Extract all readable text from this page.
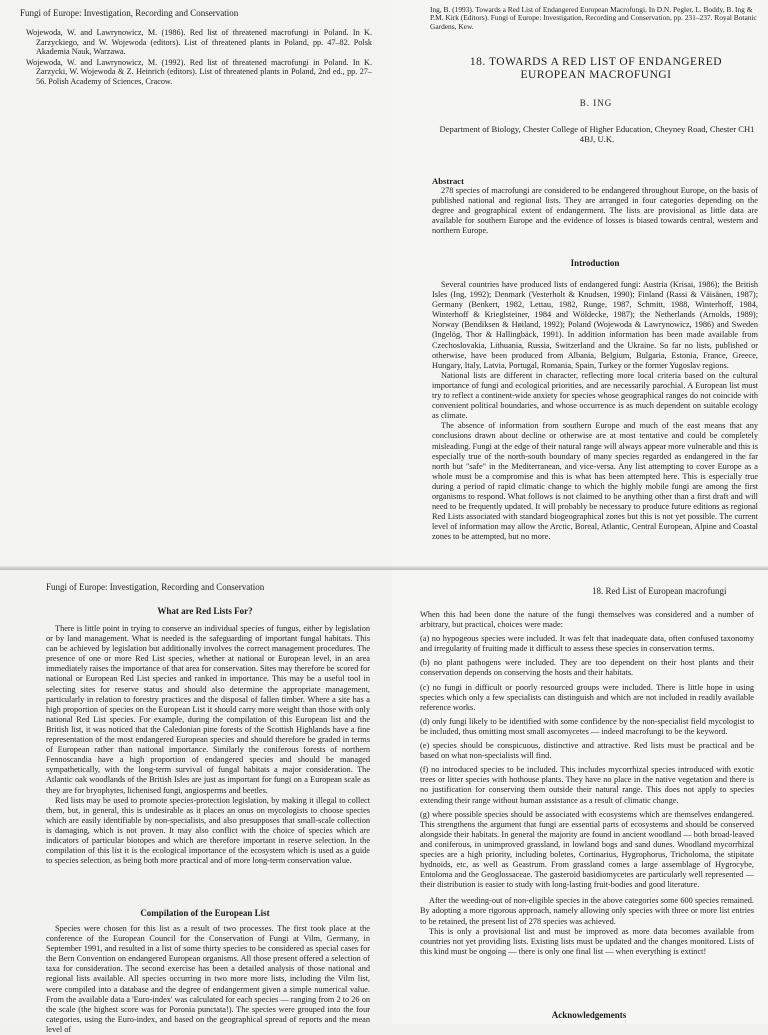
Fungi of Europe: Investigation, Recording and Conservation

Wojewoda, W. and Lawrynowicz, M. (1986). Red list of threatened macrofungi in Poland. In K. Zarzyckiego, and W. Wojewoda (editors). List of threatened plants in Poland, pp. 47–82. Polsk Akademia Nauk, Warzawa.

Wojewoda, W. and Lawrynowicz, M. (1992). Red list of threatened macrofungi in Poland. In K. Zarzycki, W. Wojewoda & Z. Heinrich (editors). List of threatened plants in Poland, 2nd ed., pp. 27–56. Polish Academy of Sciences, Cracow.

Ing, B. (1993). Towards a Red List of Endangered European Macrofungi. In D.N. Pegler, L. Boddy, B. Ing & P.M. Kirk (Editors). Fungi of Europe: Investigation, Recording and Conservation, pp. 231–237. Royal Botanic Gardens, Kew.
18. TOWARDS A RED LIST OF ENDANGERED EUROPEAN MACROFUNGI
B. ING
Department of Biology, Chester College of Higher Education, Cheyney Road, Chester CH1 4BJ, U.K.

Abstract

278 species of macrofungi are considered to be endangered throughout Europe, on the basis of published national and regional lists. They are arranged in four categories depending on the degree and geographical extent of endangerment. The lists are provisional as little data are available for southern Europe and the evidence of losses is biased towards central, western and northern Europe.

Introduction

Several countries have produced lists of endangered fungi: Austria (Krisai, 1986); the British Isles (Ing, 1992); Denmark (Vesterholt & Knudsen, 1990); Finland (Rassi & Väisänen, 1987); Germany (Benkert, 1982, Lettau, 1982, Runge, 1987, Schmitt, 1988, Winterhoff, 1984, Winterhoff & Krieglsteiner, 1984 and Wöldecke, 1987); the Netherlands (Arnolds, 1989); Norway (Bendiksen & Høiland, 1992); Poland (Wojewoda & Lawrynowicz, 1986) and Sweden (Ingelög, Thor & Hallingbäck, 1991). In addition information has been made available from Czechoslovakia, Lithuania, Russia, Switzerland and the Ukraine. So far no lists, published or otherwise, have been produced from Albania, Belgium, Bulgaria, Estonia, France, Greece, Hungary, Italy, Latvia, Portugal, Romania, Spain, Turkey or the former Yugoslav regions.

National lists are different in character, reflecting more local criteria based on the cultural importance of fungi and ecological priorities, and are necessarily parochial. A European list must try to reflect a continent-wide anxiety for species whose geographical ranges do not coincide with convenient political boundaries, and whose occurrence is as much dependent on suitable ecology as climate.

The absence of information from southern Europe and much of the east means that any conclusions drawn about decline or otherwise are at most tentative and could be completely misleading. Fungi at the edge of their natural range will always appear more vulnerable and this is especially true of the north-south boundary of many species regarded as endangered in the far north but "safe" in the Mediterranean, and vice-versa. Any list attempting to cover Europe as a whole must be a compromise and this is what has been attempted here. This is especially true during a period of rapid climatic change to which the highly mobile fungi are among the first organisms to respond. What follows is not claimed to be anything other than a first draft and will need to be frequently updated. It will probably be necessary to produce future editions as regional Red Lists associated with standard biogeographical zones but this is not yet possible. The current level of information may allow the Arctic, Boreal, Atlantic, Central European, Alpine and Coastal zones to be attempted, but no more.

Fungi of Europe: Investigation, Recording and Conservation
What are Red Lists For?

There is little point in trying to conserve an individual species of fungus, either by legislation or by land management. What is needed is the safeguarding of important fungal habitats. This can be achieved by legislation but additionally involves the correct management procedures. The presence of one or more Red List species, whether at national or European level, in an area immediately raises the importance of that area for conservation. Sites may therefore be scored for national or European Red List species and ranked in importance. This may be a useful tool in selecting sites for reserve status and should also determine the appropriate management, particularly in relation to forestry practices and the disposal of fallen timber. Where a site has a high proportion of species on the European List it should carry more weight than those with only national Red List species. For example, during the compilation of this European list and the British list, it was noticed that the Caledonian pine forests of the Scottish Highlands have a fine representation of the most endangered European species and should therefore be graded in terms of European rather than national importance. Similarly the coniferous forests of northern Fennoscandia have a high proportion of endangered species and should be managed sympathetically, with the long-term survival of fungal habitats a major consideration. The Atlantic oak woodlands of the British Isles are just as important for fungi on a European scale as they are for bryophytes, lichenised fungi, angiosperms and beetles.

Red lists may be used to promote species-protection legislation, by making it illegal to collect them, but, in general, this is undesirable as it places an onus on mycologists to choose species which are easily identifiable by non-specialists, and also presupposes that small-scale collection is damaging, which is not proven. It may also conflict with the choice of species which are indicators of particular biotopes and which are therefore important in reserve selection. In the compilation of this list it is the ecological importance of the ecosystem which is used as a guide to species selection, as being both more practical and of more long-term conservation value.

Compilation of the European List

Species were chosen for this list as a result of two processes. The first took place at the conference of the European Council for the Conservation of Fungi at Vilm, Germany, in September 1991, and resulted in a list of some thirty species to be considered as special cases for the Bern Convention on endangered European organisms. All those present offered a selection of taxa for consideration. The second exercise has been a detailed analysis of those national and regional lists available. All species occurring in two more more lists, including the Vilm list, were compiled into a database and the degree of endangerment given a simple numerical value. From the available data a 'Euro-index' was calculated for each species — ranging from 2 to 26 on the scale (the highest score was for Poronia punctata!). The species were grouped into the four categories, using the Euro-index, and based on the geographical spread of reports and the mean level of

18. Red List of European macrofungi

When this had been done the nature of the fungi themselves was considered and a number of arbitrary, but practical, choices were made:

(a) no hypogeous species were included. It was felt that inadequate data, often confused taxonomy and irregularity of fruiting made it difficult to assess these species in conservation terms.

(b) no plant pathogens were included. They are too dependent on their host plants and their conservation depends on conserving the hosts and their habitats.

(c) no fungi in difficult or poorly resourced groups were included. There is little hope in using species which only a few specialists can distinguish and which are not included in readily available reference works.

(d) only fungi likely to be identified with some confidence by the non-specialist field mycologist to be included, thus omitting most small ascomycetes — indeed macrofungi to be the keyword.

(e) species should be conspicuous, distinctive and attractive. Red lists must be practical and be based on what non-specialists will find.

(f) no introduced species to be included. This includes mycorrhizal species introduced with exotic trees or litter species with hothouse plants. They have no place in the native vegetation and there is no justification for conserving them outside their natural range. This does not apply to species extending their range without human assistance as a result of climatic change.

(g) where possible species should be associated with ecosystems which are themselves endangered. This strengthens the argument that fungi are essential parts of ecosystems and should be conserved alongside their habitats. In general the majority are found in ancient woodland — both broad-leaved and coniferous, in unimproved grassland, in lowland bogs and sand dunes. Woodland mycorrhizal species are a high priority, including boletes, Cortinarius, Hygrophorus, Tricholoma, the stipitate hydnoids, etc, as well as Geastrum. From grassland comes a large assemblage of Hygrocybe, Entoloma and the Geoglossaceae. The gasteroid basidiomycetes are particularly well represented — their distribution is easier to study with long-lasting fruit-bodies and good literature.

After the weeding-out of non-eligible species in the above categories some 600 species remained. By adopting a more rigorous approach, namely allowing only species with three or more list entries to be retained, the present list of 278 species was achieved.

This is only a provisional list and must be improved as more data becomes available from countries not yet providing lists. Existing lists must be updated and the changes monitored. Lists of this kind must be ongoing — there is only one final list — when everything is extinct!

Acknowledgements
